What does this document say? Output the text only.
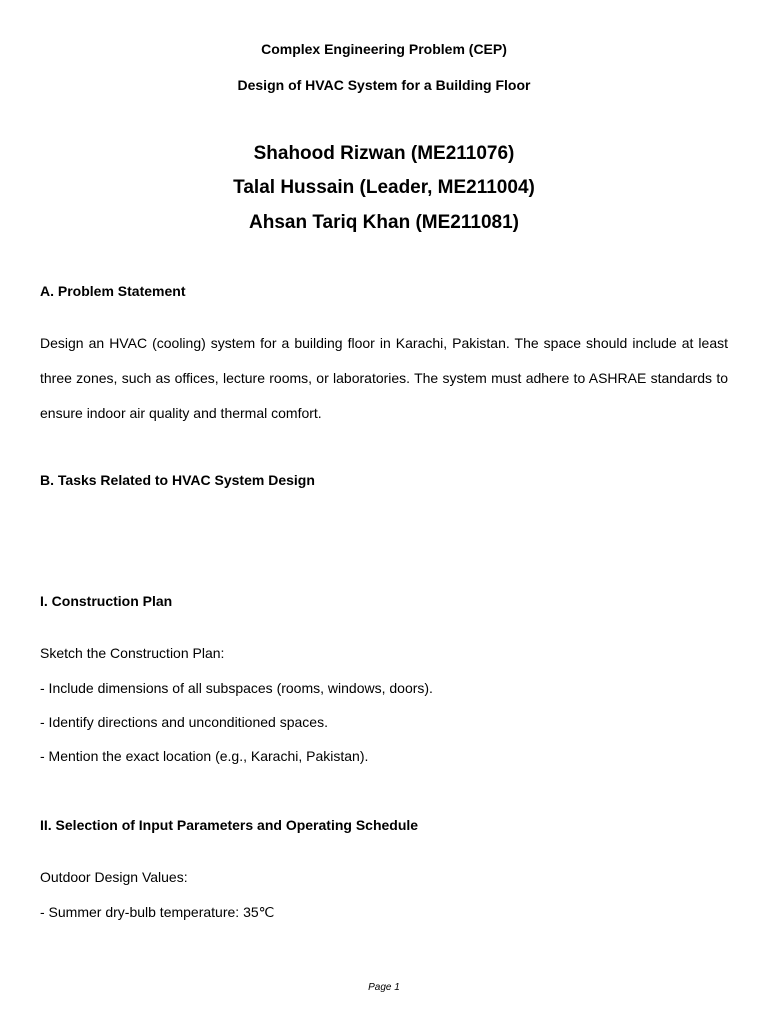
Complex Engineering Problem (CEP)

Design of HVAC System for a Building Floor

Shahood Rizwan (ME211076)

Talal Hussain (Leader, ME211004)

Ahsan Tariq Khan (ME211081)

A. Problem Statement

Design an HVAC (cooling) system for a building floor in Karachi, Pakistan. The space should include at least three zones, such as offices, lecture rooms, or laboratories. The system must adhere to ASHRAE standards to ensure indoor air quality and thermal comfort.

B. Tasks Related to HVAC System Design

I. Construction Plan

Sketch the Construction Plan:

- Include dimensions of all subspaces (rooms, windows, doors).

- Identify directions and unconditioned spaces.

- Mention the exact location (e.g., Karachi, Pakistan).

II. Selection of Input Parameters and Operating Schedule

Outdoor Design Values:

- Summer dry-bulb temperature: 35℃

Page 1
